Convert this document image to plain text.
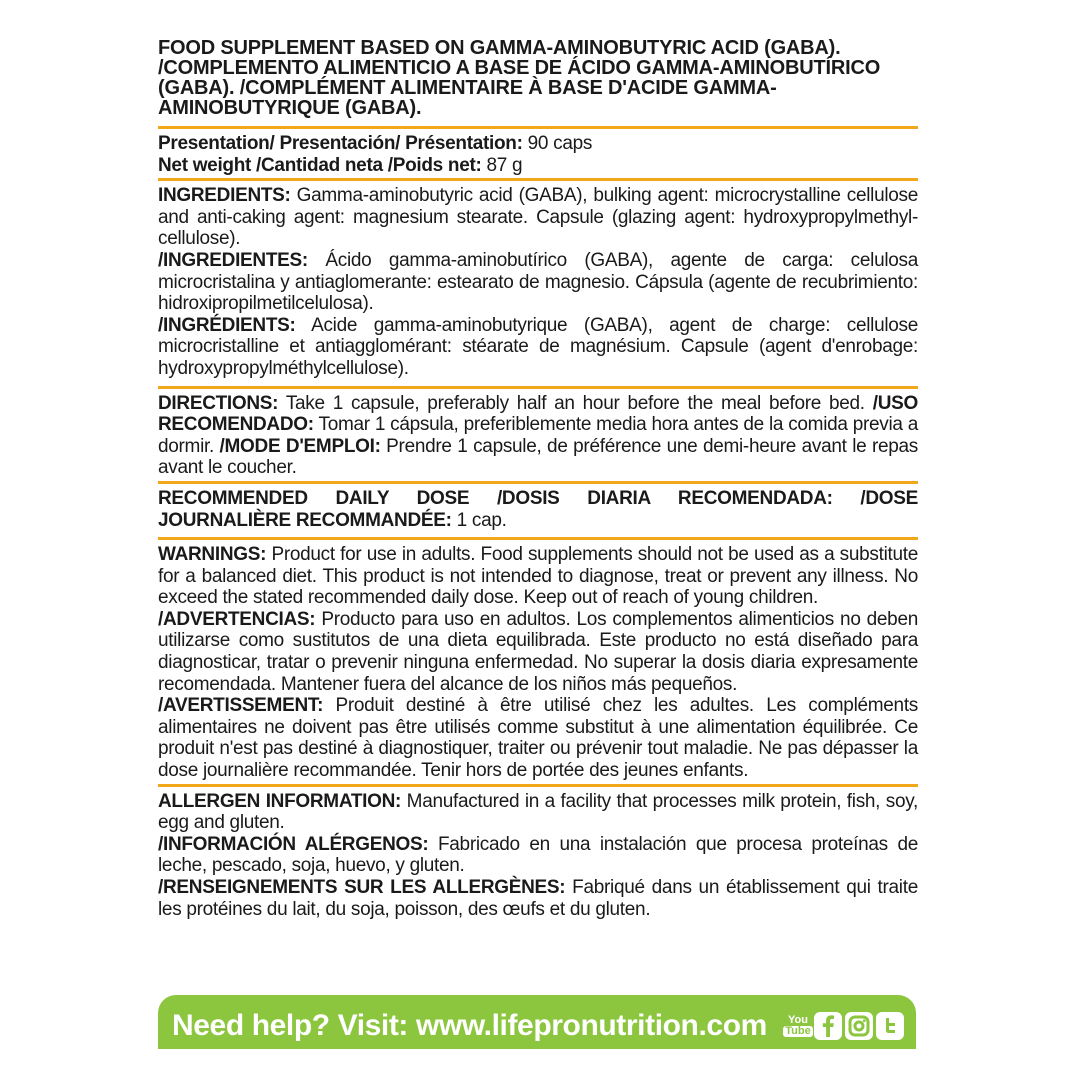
FOOD SUPPLEMENT BASED ON GAMMA-AMINOBUTYRIC ACID (GABA). /COMPLEMENTO ALIMENTICIO A BASE DE ÁCIDO GAMMA-AMINOBUTÍRICO (GABA). /COMPLÉMENT ALIMENTAIRE À BASE D'ACIDE GAMMA-AMINOBUTYRIQUE (GABA).
Presentation/ Presentación/ Présentation: 90 caps
Net weight /Cantidad neta /Poids net: 87 g
INGREDIENTS: Gamma-aminobutyric acid (GABA), bulking agent: microcrystalline cellulose and anti-caking agent: magnesium stearate. Capsule (glazing agent: hydroxypropylmethyl-cellulose).
/INGREDIENTES: Ácido gamma-aminobutírico (GABA), agente de carga: celulosa microcristalina y antiaglomerante: estearato de magnesio. Cápsula (agente de recubrimiento: hidroxipropilmetilcelulosa).
/INGRÉDIENTS: Acide gamma-aminobutyrique (GABA), agent de charge: cellulose microcristalline et antiagglomérant: stéarate de magnésium. Capsule (agent d'enrobage: hydroxypropylméthylcellulose).
DIRECTIONS: Take 1 capsule, preferably half an hour before the meal before bed. /USO RECOMENDADO: Tomar 1 cápsula, preferiblemente media hora antes de la comida previa a dormir. /MODE D'EMPLOI: Prendre 1 capsule, de préférence une demi-heure avant le repas avant le coucher.
RECOMMENDED DAILY DOSE /DOSIS DIARIA RECOMENDADA: /DOSE JOURNALIÈRE RECOMMANDÉE: 1 cap.
WARNINGS: Product for use in adults. Food supplements should not be used as a substitute for a balanced diet. This product is not intended to diagnose, treat or prevent any illness. No exceed the stated recommended daily dose. Keep out of reach of young children.
/ADVERTENCIAS: Producto para uso en adultos. Los complementos alimenticios no deben utilizarse como sustitutos de una dieta equilibrada. Este producto no está diseñado para diagnosticar, tratar o prevenir ninguna enfermedad. No superar la dosis diaria expresamente recomendada. Mantener fuera del alcance de los niños más pequeños.
/AVERTISSEMENT: Produit destiné à être utilisé chez les adultes. Les compléments alimentaires ne doivent pas être utilisés comme substitut à une alimentation équilibrée. Ce produit n'est pas destiné à diagnostiquer, traiter ou prévenir tout maladie. Ne pas dépasser la dose journalière recommandée. Tenir hors de portée des jeunes enfants.
ALLERGEN INFORMATION: Manufactured in a facility that processes milk protein, fish, soy, egg and gluten.
/INFORMACIÓN ALÉRGENOS: Fabricado en una instalación que procesa proteínas de leche, pescado, soja, huevo, y gluten.
/RENSEIGNEMENTS SUR LES ALLERGÈNES: Fabriqué dans un établissement qui traite les protéines du lait, du soja, poisson, des œufs et du gluten.
Need help? Visit: www.lifepronutrition.com You
Tube
